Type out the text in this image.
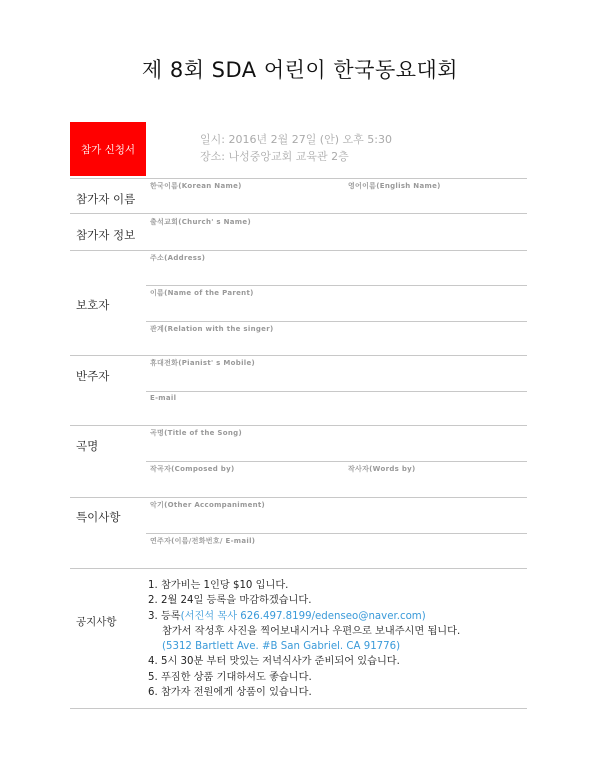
제 8회 SDA 어린이 한국동요대회
참가 신청서
일시: 2016년 2월 27일 (안) 오후 5:30
장소: 나성중앙교회 교육관 2층
참가자 이름
한국이름(Korean Name)	영어이름(English Name)
참가자 정보
출석교회(Church' s Name)
보호자
주소(Address)
이름(Name of the Parent)
관계(Relation with the singer)
반주자
휴대전화(Pianist' s Mobile)
E-mail
곡명
곡명(Title of the Song)
작곡자(Composed by)	작사자(Words by)
특이사항
악기(Other Accompaniment)
연주자(이름/전화번호/ E-mail)
공지사항
1. 참가비는 1인당 $10 입니다.
2. 2월 24일 등록을 마감하겠습니다.
3. 등록(서진석 목사 626.497.8199/edenseo@naver.com)
참가서 작성후 사진을 찍어보내시거나 우편으로 보내주시면 됩니다.
(5312 Bartlett Ave. #B San Gabriel. CA 91776)
4. 5시 30분 부터 맛있는 저녁식사가 준비되어 있습니다.
5. 푸짐한 상품 기대하셔도 좋습니다.
6. 참가자 전원에게 상품이 있습니다.
